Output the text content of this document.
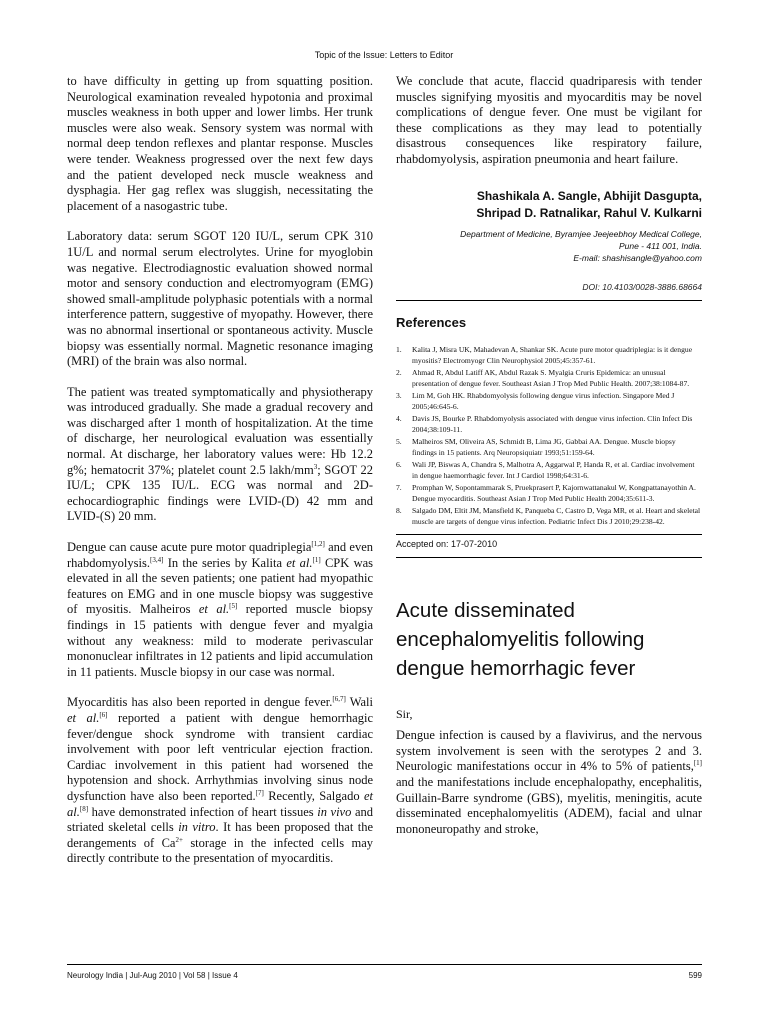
Topic of the Issue: Letters to Editor

to have difficulty in getting up from squatting position. Neurological examination revealed hypotonia and proximal muscles weakness in both upper and lower limbs. Her trunk muscles were also weak. Sensory system was normal with normal deep tendon reflexes and plantar response. Muscles were tender. Weakness progressed over the next few days and the patient developed neck muscle weakness and dysphagia. Her gag reflex was sluggish, necessitating the placement of a nasogastric tube.

Laboratory data: serum SGOT 120 IU/L, serum CPK 310 1U/L and normal serum electrolytes. Urine for myoglobin was negative. Electrodiagnostic evaluation showed normal motor and sensory conduction and electromyogram (EMG) showed small-amplitude polyphasic potentials with a normal interference pattern, suggestive of myopathy. However, there was no abnormal insertional or spontaneous activity. Muscle biopsy was essentially normal. Magnetic resonance imaging (MRI) of the brain was also normal.

The patient was treated symptomatically and physiotherapy was introduced gradually. She made a gradual recovery and was discharged after 1 month of hospitalization. At the time of discharge, her neurological evaluation was essentially normal. At discharge, her laboratory values were: Hb 12.2 g%; hematocrit 37%; platelet count 2.5 lakh/$mm^3$; SGOT 22 IU/L; CPK 135 IU/L. ECG was normal and 2D-echocardiographic findings were LVID-(D) 42 mm and LVID-(S) 20 mm.

Dengue can cause acute pure motor quadriplegia[1,2] and even rhabdomyolysis.[3,4] In the series by Kalita et al.[1] CPK was elevated in all the seven patients; one patient had myopathic features on EMG and in one muscle biopsy was suggestive of myositis. Malheiros et al.[5] reported muscle biopsy findings in 15 patients with dengue fever and myalgia without any weakness: mild to moderate perivascular mononuclear infiltrates in 12 patients and lipid accumulation in 11 patients. Muscle biopsy in our case was normal.

Myocarditis has also been reported in dengue fever.[6,7] Wali et al.[6] reported a patient with dengue hemorrhagic fever/dengue shock syndrome with transient cardiac involvement with poor left ventricular ejection fraction. Cardiac involvement in this patient had worsened the hypotension and shock. Arrhythmias involving sinus node dysfunction have also been reported.[7] Recently, Salgado et al.[8] have demonstrated infection of heart tissues in vivo and striated skeletal cells in vitro. It has been proposed that the derangements of $Ca^{2+}$ storage in the infected cells may directly contribute to the presentation of myocarditis.

We conclude that acute, flaccid quadriparesis with tender muscles signifying myositis and myocarditis may be novel complications of dengue fever. One must be vigilant for these complications as they may lead to potentially disastrous consequences like respiratory failure, rhabdomyolysis, aspiration pneumonia and heart failure.

Shashikala A. Sangle, Abhijit Dasgupta,
Shripad D. Ratnalikar, Rahul V. Kulkarni
Department of Medicine, Byramjee Jeejeebhoy Medical College,
Pune - 411 001, India.
E-mail: shashisangle@yahoo.com
DOI: 10.4103/0028-3886.68664
References
1.	Kalita J, Misra UK, Mahadevan A, Shankar SK. Acute pure motor quadriplegia: is it dengue myositis? Electromyogr Clin Neurophysiol 2005;45:357-61.
2.	Ahmad R, Abdul Latiff AK, Abdul Razak S. Myalgia Cruris Epidemica: an unusual presentation of dengue fever. Southeast Asian J Trop Med Public Health. 2007;38:1084-87.
3.	Lim M, Goh HK. Rhabdomyolysis following dengue virus infection. Singapore Med J 2005;46:645-6.
4.	Davis JS, Bourke P. Rhabdomyolysis associated with dengue virus infection. Clin Infect Dis 2004;38:109-11.
5.	Malheiros SM, Oliveira AS, Schmidt B, Lima JG, Gabbai AA. Dengue. Muscle biopsy findings in 15 patients. Arq Neuropsiquiatr 1993;51:159-64.
6.	Wali JP, Biswas A, Chandra S, Malhotra A, Aggarwal P, Handa R, et al. Cardiac involvement in dengue haemorrhagic fever. Int J Cardiol 1998;64:31-6.
7.	Promphan W, Sopontammarak S, Pruekprasert P, Kajornwattanakul W, Kongpattanayothin A. Dengue myocarditis. Southeast Asian J Trop Med Public Health 2004;35:611-3.
8.	Salgado DM, Eltit JM, Mansfield K, Panqueba C, Castro D, Vega MR, et al. Heart and skeletal muscle are targets of dengue virus infection. Pediatric Infect Dis J 2010;29:238-42.
Accepted on: 17-07-2010
Acute disseminated encephalomyelitis following dengue hemorrhagic fever

Sir,

Dengue infection is caused by a flavivirus, and the nervous system involvement is seen with the serotypes 2 and 3. Neurologic manifestations occur in 4% to 5% of patients,[1] and the manifestations include encephalopathy, encephalitis, Guillain-Barre syndrome (GBS), myelitis, meningitis, acute disseminated encephalomyelitis (ADEM), facial and ulnar mononeuropathy and stroke,

Neurology India | Jul-Aug 2010 | Vol 58 | Issue 4	599
